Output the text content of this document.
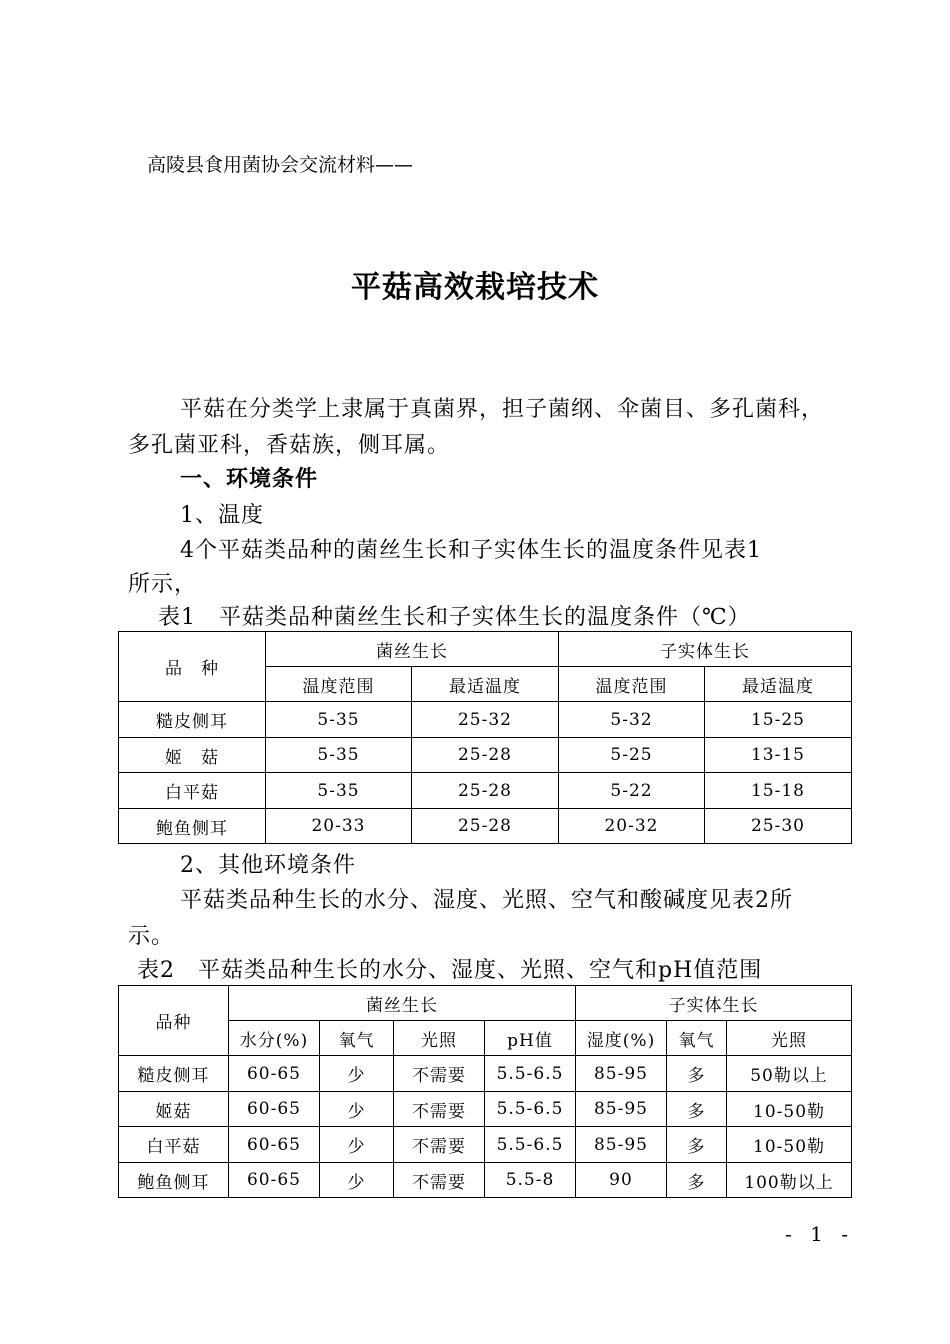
高陵县食用菌协会交流材料——
平菇高效栽培技术
平菇在分类学上隶属于真菌界，担子菌纲、伞菌目、多孔菌科，
多孔菌亚科，香菇族，侧耳属。
一、环境条件
1、温度
4个平菇类品种的菌丝生长和子实体生长的温度条件见表1
所示，
表1　平菇类品种菌丝生长和子实体生长的温度条件（℃）
品　种	菌丝生长		子实体生长	
	温度范围	最适温度	温度范围	最适温度
糙皮侧耳	5-35	25-32	5-32	15-25
姬　菇	5-35	25-28	5-25	13-15
白平菇	5-35	25-28	5-22	15-18
鲍鱼侧耳	20-33	25-28	20-32	25-30
2、其他环境条件
平菇类品种生长的水分、湿度、光照、空气和酸碱度见表2所
示。
表2　平菇类品种生长的水分、湿度、光照、空气和pH值范围
品种	菌丝生长				子实体生长		
	水分(%)	氧气	光照	pH值	湿度(%)	氧气	光照
糙皮侧耳	60-65	少	不需要	5.5-6.5	85-95	多	50勒以上
姬菇	60-65	少	不需要	5.5-6.5	85-95	多	10-50勒
白平菇	60-65	少	不需要	5.5-6.5	85-95	多	10-50勒
鲍鱼侧耳	60-65	少	不需要	5.5-8	90	多	100勒以上
- 1 -
